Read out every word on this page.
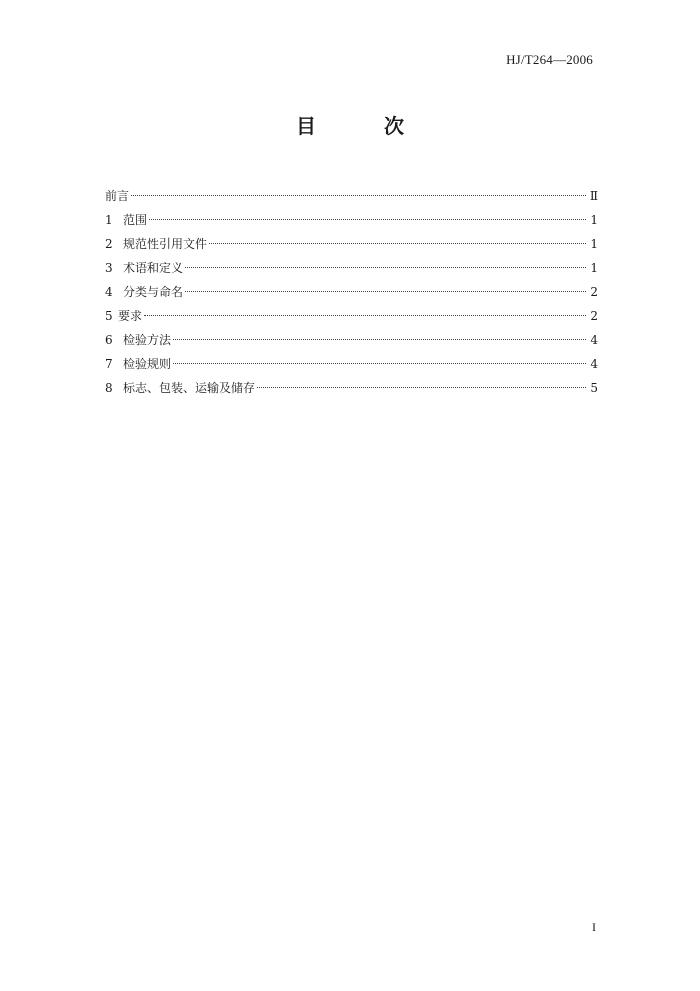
HJ/T264—2006
目　次
前言	Ⅱ
1 范围	1
2 规范性引用文件	1
3 术语和定义	1
4 分类与命名	2
5 要求	2
6 检验方法	4
7 检验规则	4
8 标志、包装、运输及储存	5
I
